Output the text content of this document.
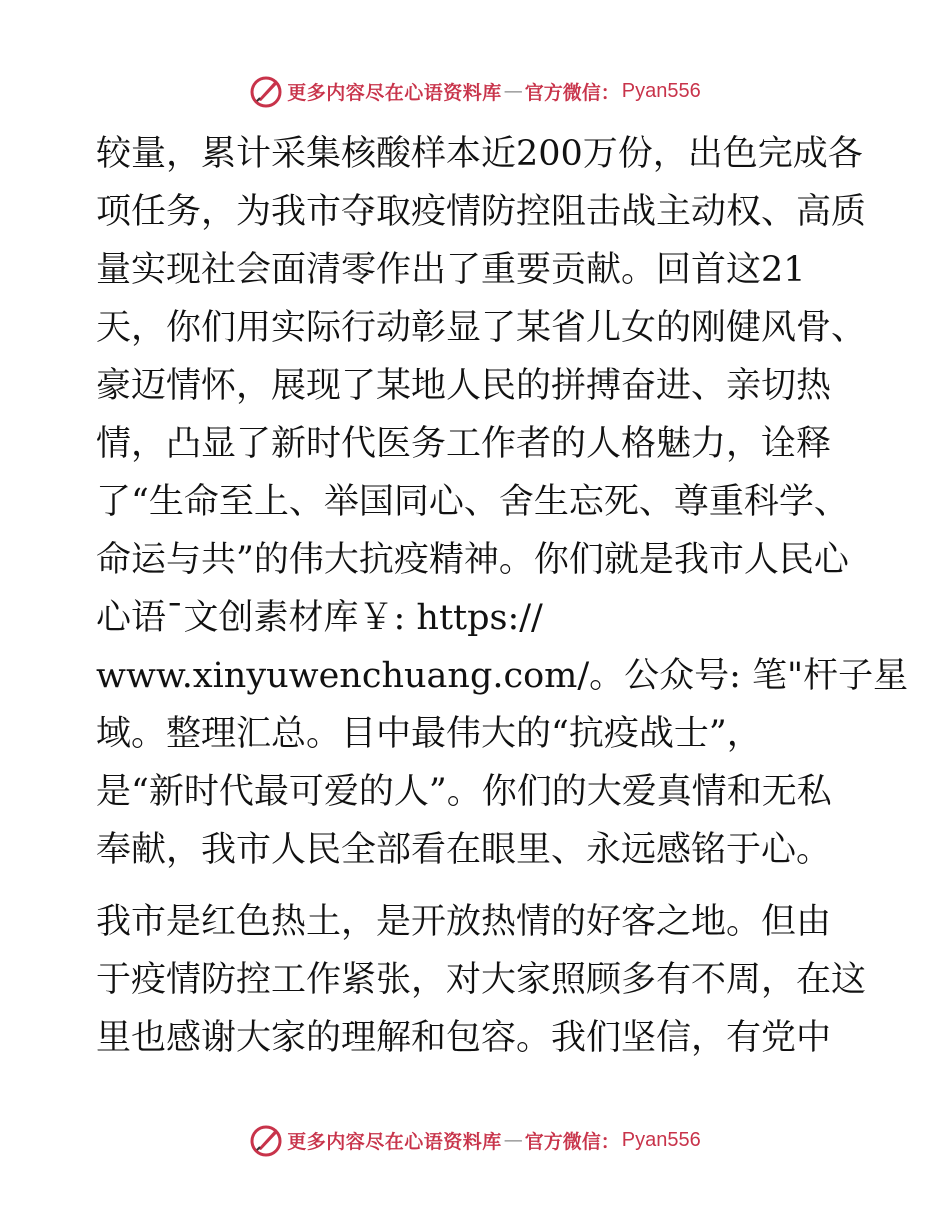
更多内容尽在心语资料库 — 官方微信： Pyan556
较量，累计采集核酸样本近200万份，出色完成各
项任务，为我市夺取疫情防控阻击战主动权、高质
量实现社会面清零作出了重要贡献。回首这21
天，你们用实际行动彰显了某省儿女的刚健风骨、
豪迈情怀，展现了某地人民的拼搏奋进、亲切热
情，凸显了新时代医务工作者的人格魅力，诠释
了“生命至上、举国同心、舍生忘死、尊重科学、
命运与共”的伟大抗疫精神。你们就是我市人民心
心语¯文创素材库￥: https://
www.xinyuwenchuang.com/。公众号: 笔"杆子星
域。整理汇总。目中最伟大的“抗疫战士”，
是“新时代最可爱的人”。你们的大爱真情和无私
奉献，我市人民全部看在眼里、永远感铭于心。
我市是红色热土，是开放热情的好客之地。但由
于疫情防控工作紧张，对大家照顾多有不周，在这
里也感谢大家的理解和包容。我们坚信，有党中
更多内容尽在心语资料库 — 官方微信： Pyan556
